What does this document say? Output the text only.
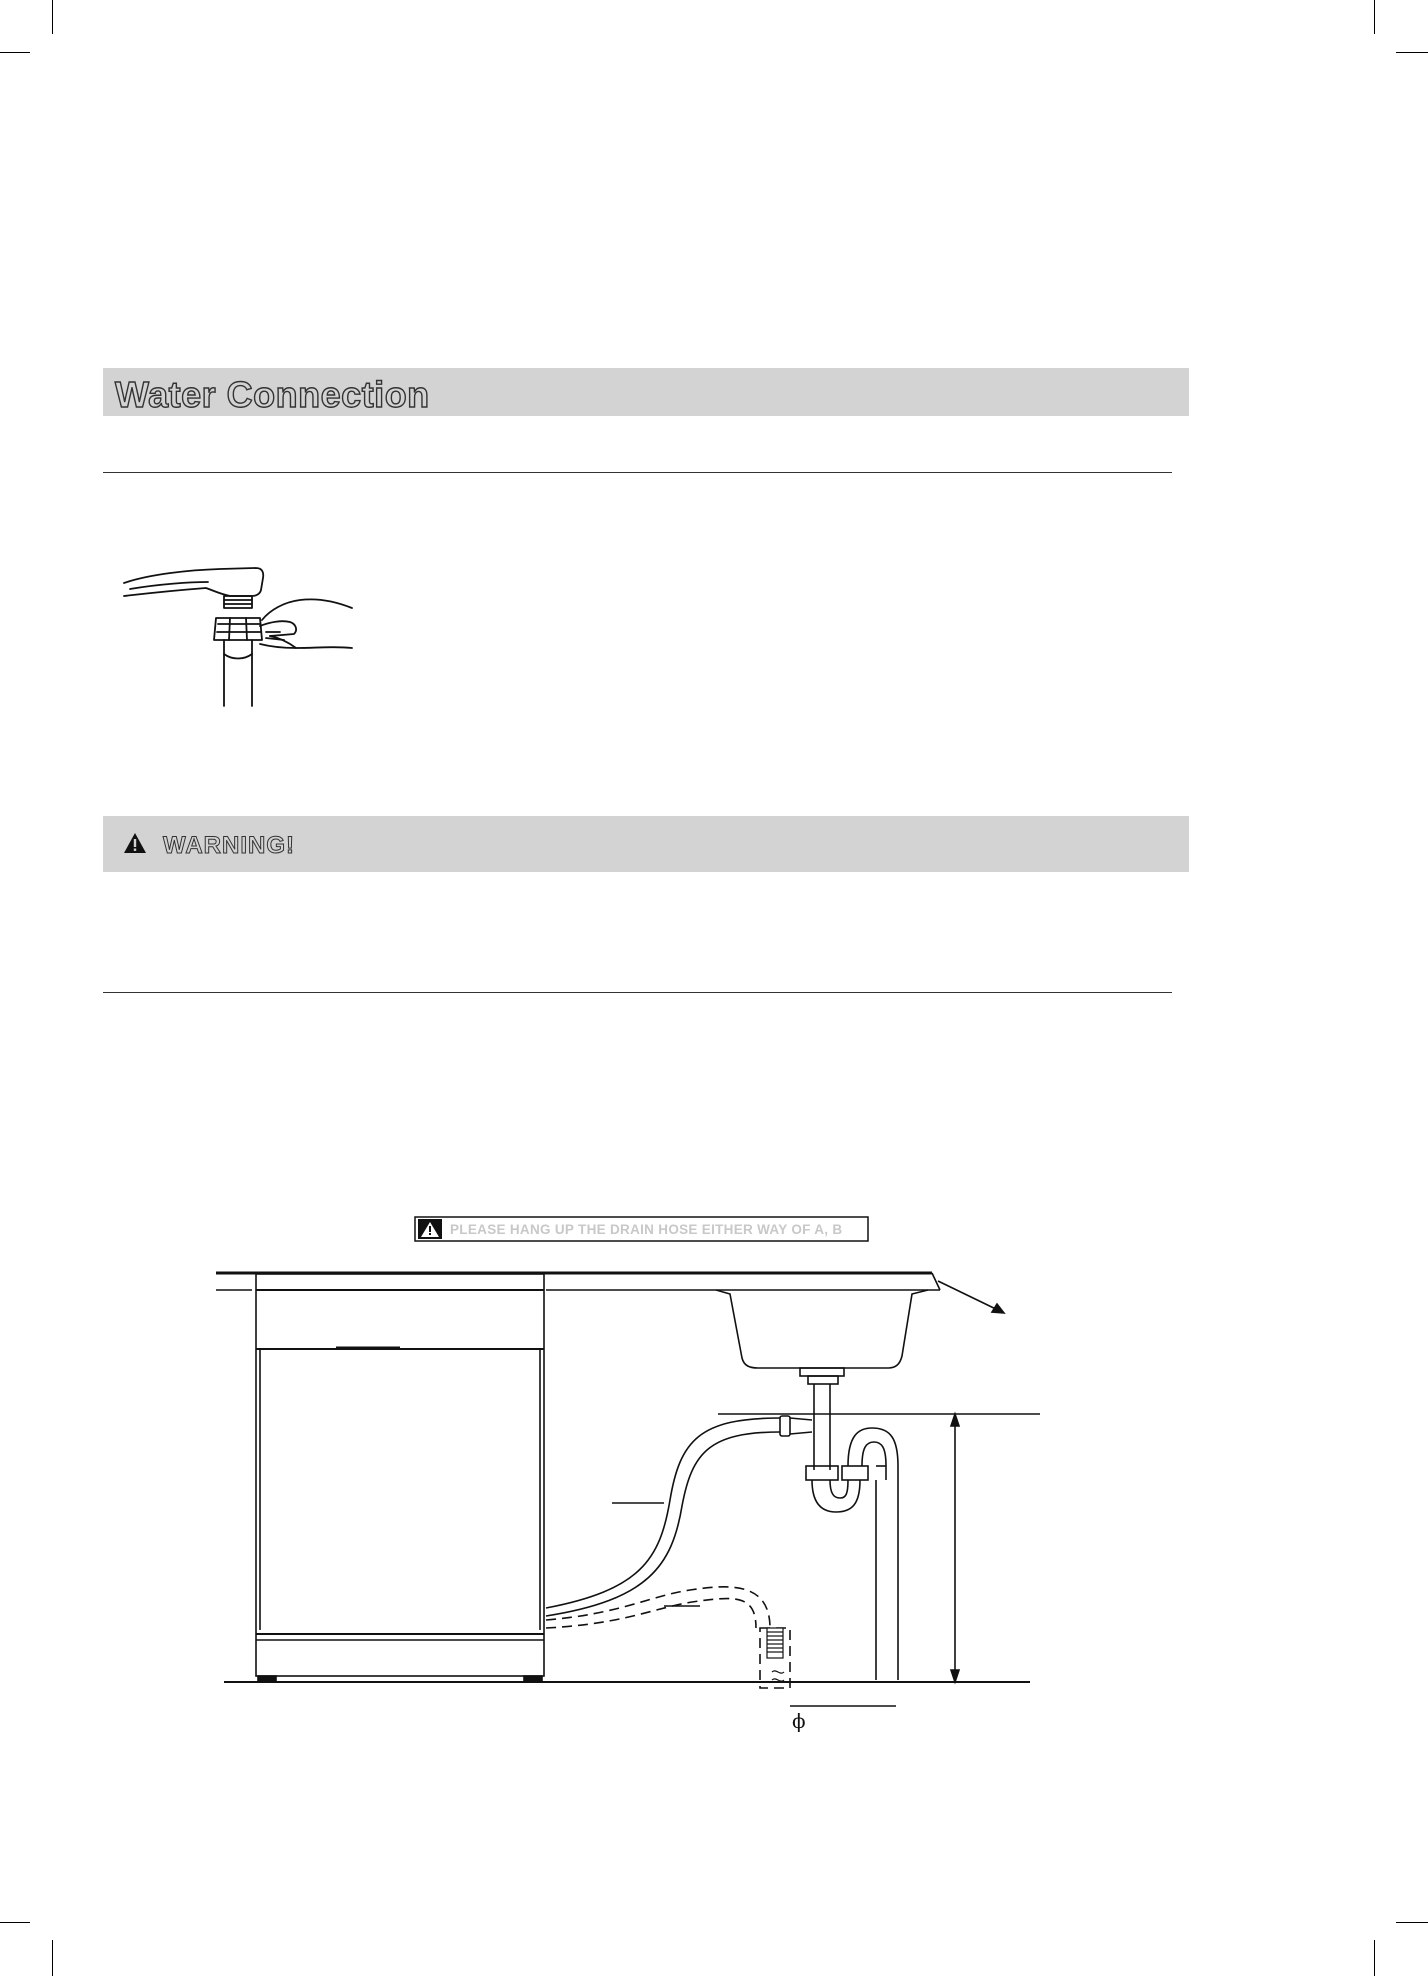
Water Connection
WARNING!
PLEASE HANG UP THE DRAIN HOSE EITHER WAY OF A, B
ϕ
